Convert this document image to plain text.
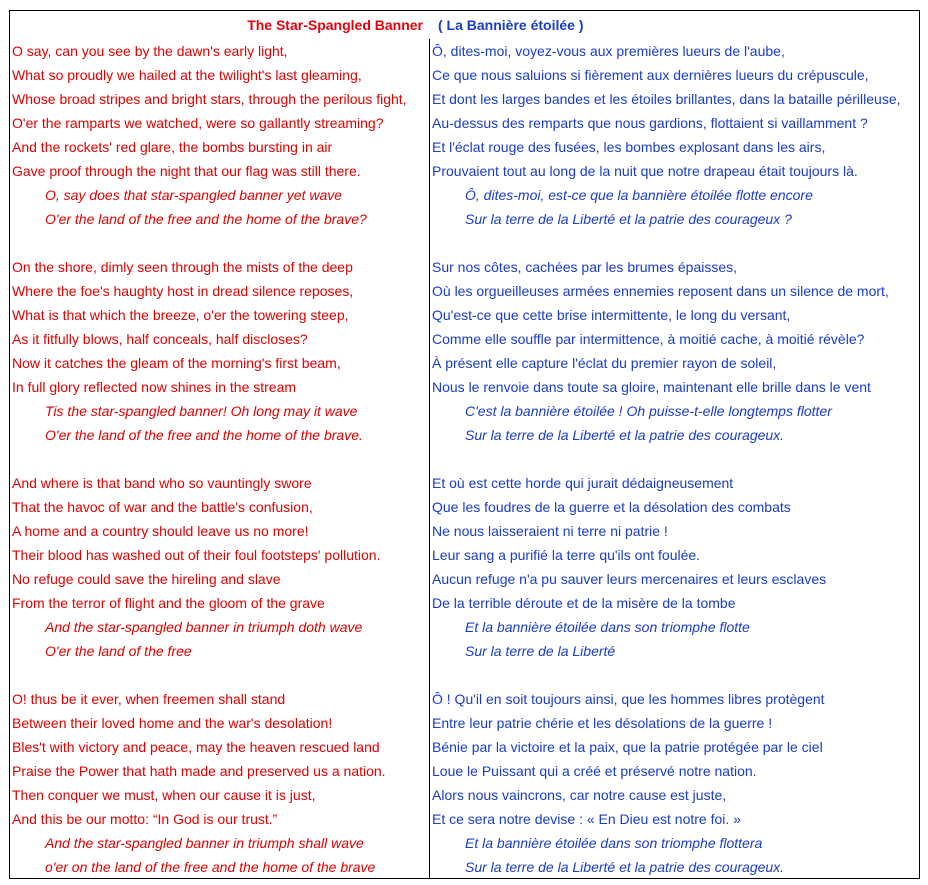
The Star-Spangled Banner ( La Bannière étoilée )
O say, can you see by the dawn's early light,
What so proudly we hailed at the twilight's last gleaming,
Whose broad stripes and bright stars, through the perilous fight,
O'er the ramparts we watched, were so gallantly streaming?
And the rockets' red glare, the bombs bursting in air
Gave proof through the night that our flag was still there.
O, say does that star-spangled banner yet wave
O'er the land of the free and the home of the brave?
On the shore, dimly seen through the mists of the deep
Where the foe's haughty host in dread silence reposes,
What is that which the breeze, o'er the towering steep,
As it fitfully blows, half conceals, half discloses?
Now it catches the gleam of the morning's first beam,
In full glory reflected now shines in the stream
Tis the star-spangled banner! Oh long may it wave
O'er the land of the free and the home of the brave.
And where is that band who so vauntingly swore
That the havoc of war and the battle's confusion,
A home and a country should leave us no more!
Their blood has washed out of their foul footsteps' pollution.
No refuge could save the hireling and slave
From the terror of flight and the gloom of the grave
And the star-spangled banner in triumph doth wave
O'er the land of the free
O! thus be it ever, when freemen shall stand
Between their loved home and the war's desolation!
Bles't with victory and peace, may the heaven rescued land
Praise the Power that hath made and preserved us a nation.
Then conquer we must, when our cause it is just,
And this be our motto: “In God is our trust.”
And the star-spangled banner in triumph shall wave
o'er on the land of the free and the home of the brave
Ô, dites-moi, voyez-vous aux premières lueurs de l'aube,
Ce que nous saluions si fièrement aux dernières lueurs du crépuscule,
Et dont les larges bandes et les étoiles brillantes, dans la bataille périlleuse,
Au-dessus des remparts que nous gardions, flottaient si vaillamment ?
Et l'éclat rouge des fusées, les bombes explosant dans les airs,
Prouvaient tout au long de la nuit que notre drapeau était toujours là.
Ô, dites-moi, est-ce que la bannière étoilée flotte encore
Sur la terre de la Liberté et la patrie des courageux ?
Sur nos côtes, cachées par les brumes épaisses,
Où les orgueilleuses armées ennemies reposent dans un silence de mort,
Qu'est-ce que cette brise intermittente, le long du versant,
Comme elle souffle par intermittence, à moitié cache, à moitié révèle?
À présent elle capture l'éclat du premier rayon de soleil,
Nous le renvoie dans toute sa gloire, maintenant elle brille dans le vent
C'est la bannière étoilée ! Oh puisse-t-elle longtemps flotter
Sur la terre de la Liberté et la patrie des courageux.
Et où est cette horde qui jurait dédaigneusement
Que les foudres de la guerre et la désolation des combats
Ne nous laisseraient ni terre ni patrie !
Leur sang a purifié la terre qu'ils ont foulée.
Aucun refuge n'a pu sauver leurs mercenaires et leurs esclaves
De la terrible déroute et de la misère de la tombe
Et la bannière étoilée dans son triomphe flotte
Sur la terre de la Liberté
Ô ! Qu'il en soit toujours ainsi, que les hommes libres protègent
Entre leur patrie chérie et les désolations de la guerre !
Bénie par la victoire et la paix, que la patrie protégée par le ciel
Loue le Puissant qui a créé et préservé notre nation.
Alors nous vaincrons, car notre cause est juste,
Et ce sera notre devise : « En Dieu est notre foi. »
Et la bannière étoilée dans son triomphe flottera
Sur la terre de la Liberté et la patrie des courageux.
